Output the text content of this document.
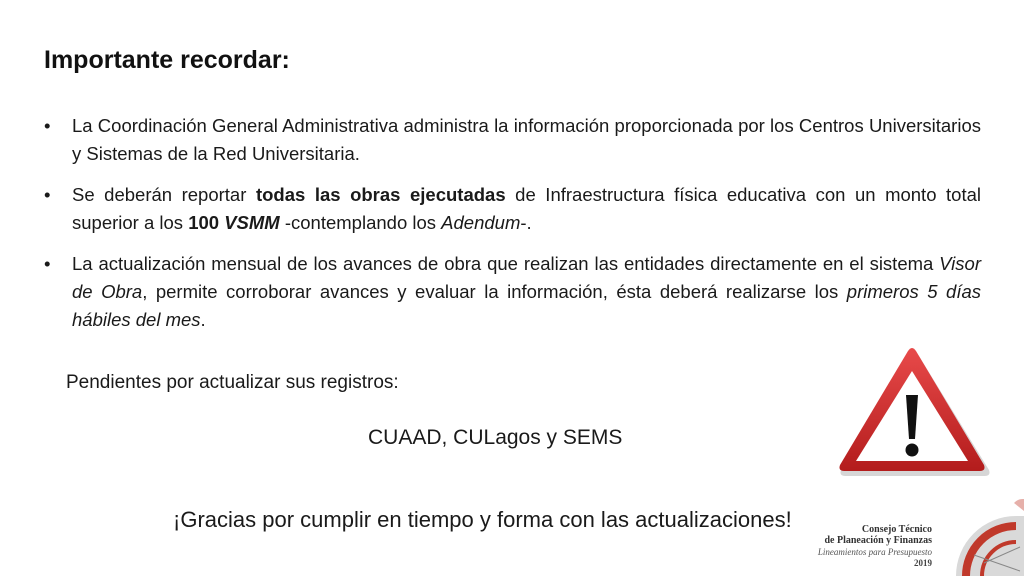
Importante recordar:
• La Coordinación General Administrativa administra la información proporcionada por los Centros Universitarios y Sistemas de la Red Universitaria.
• Se deberán reportar todas las obras ejecutadas de Infraestructura física educativa con un monto total superior a los 100 VSMM -contemplando los Adendum-.
• La actualización mensual de los avances de obra que realizan las entidades directamente en el sistema Visor de Obra, permite corroborar avances y evaluar la información, ésta deberá realizarse los primeros 5 días hábiles del mes.
Pendientes por actualizar sus registros:
CUAAD, CULagos y SEMS
¡Gracias por cumplir en tiempo y forma con las actualizaciones!	Consejo Técnico
de Planeación y Finanzas
Lineamientos para Presupuesto
2019
